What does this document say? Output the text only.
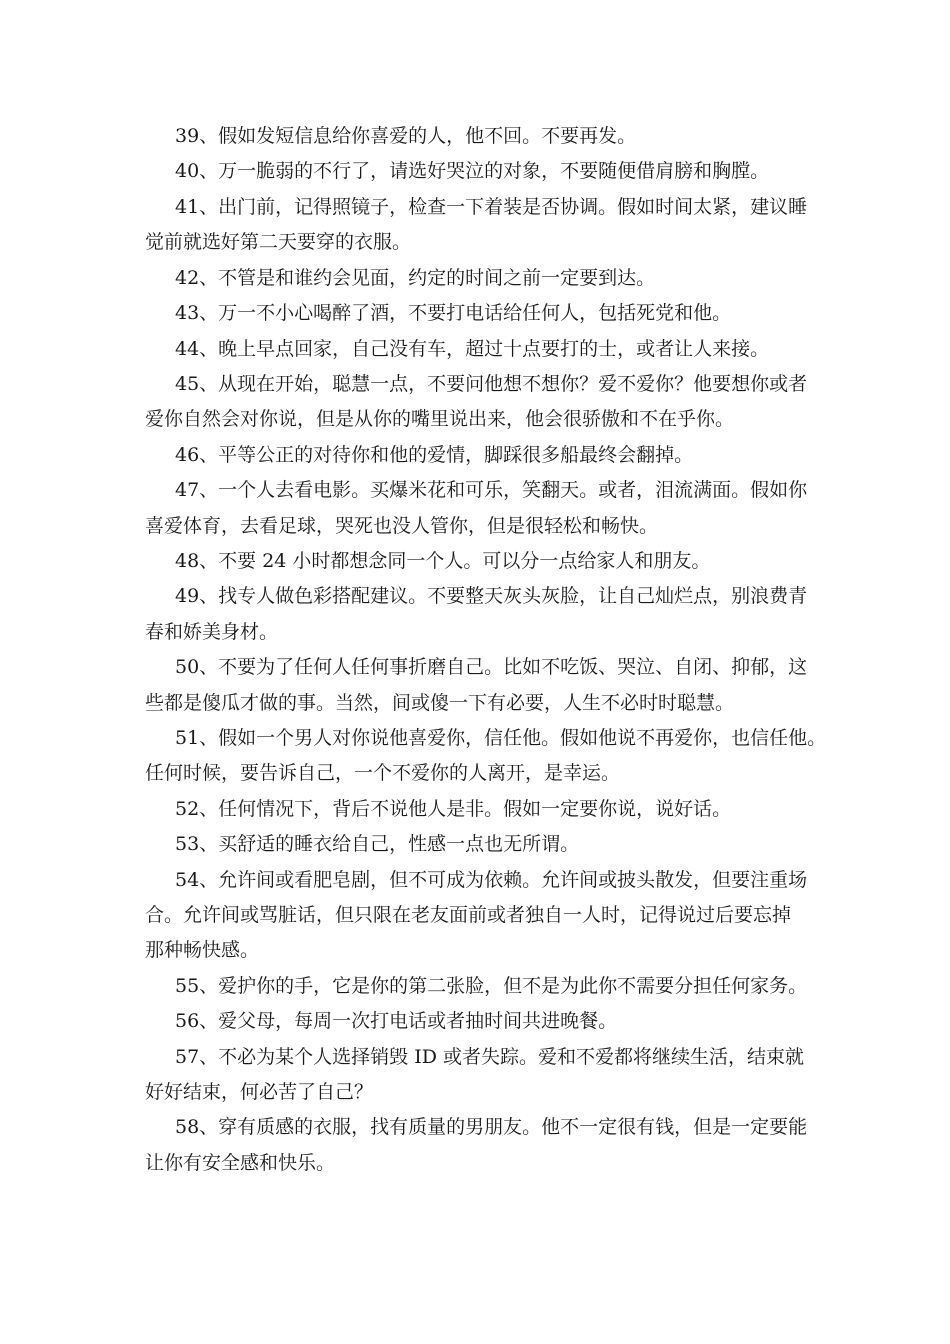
39、假如发短信息给你喜爱的人，他不回。不要再发。
40、万一脆弱的不行了，请选好哭泣的对象，不要随便借肩膀和胸膛。
41、出门前，记得照镜子，检查一下着装是否协调。假如时间太紧，建议睡
觉前就选好第二天要穿的衣服。
42、不管是和谁约会见面，约定的时间之前一定要到达。
43、万一不小心喝醉了酒，不要打电话给任何人，包括死党和他。
44、晚上早点回家，自己没有车，超过十点要打的士，或者让人来接。
45、从现在开始，聪慧一点，不要问他想不想你？爱不爱你？他要想你或者
爱你自然会对你说，但是从你的嘴里说出来，他会很骄傲和不在乎你。
46、平等公正的对待你和他的爱情，脚踩很多船最终会翻掉。
47、一个人去看电影。买爆米花和可乐，笑翻天。或者，泪流满面。假如你
喜爱体育，去看足球，哭死也没人管你，但是很轻松和畅快。
48、不要 24 小时都想念同一个人。可以分一点给家人和朋友。
49、找专人做色彩搭配建议。不要整天灰头灰脸，让自己灿烂点，别浪费青
春和娇美身材。
50、不要为了任何人任何事折磨自己。比如不吃饭、哭泣、自闭、抑郁，这
些都是傻瓜才做的事。当然，间或傻一下有必要，人生不必时时聪慧。
51、假如一个男人对你说他喜爱你，信任他。假如他说不再爱你，也信任他。
任何时候，要告诉自己，一个不爱你的人离开，是幸运。
52、任何情况下，背后不说他人是非。假如一定要你说，说好话。
53、买舒适的睡衣给自己，性感一点也无所谓。
54、允许间或看肥皂剧，但不可成为依赖。允许间或披头散发，但要注重场
合。允许间或骂脏话，但只限在老友面前或者独自一人时，记得说过后要忘掉
那种畅快感。
55、爱护你的手，它是你的第二张脸，但不是为此你不需要分担任何家务。
56、爱父母，每周一次打电话或者抽时间共进晚餐。
57、不必为某个人选择销毁 ID 或者失踪。爱和不爱都将继续生活，结束就
好好结束，何必苦了自己？
58、穿有质感的衣服，找有质量的男朋友。他不一定很有钱，但是一定要能
让你有安全感和快乐。
